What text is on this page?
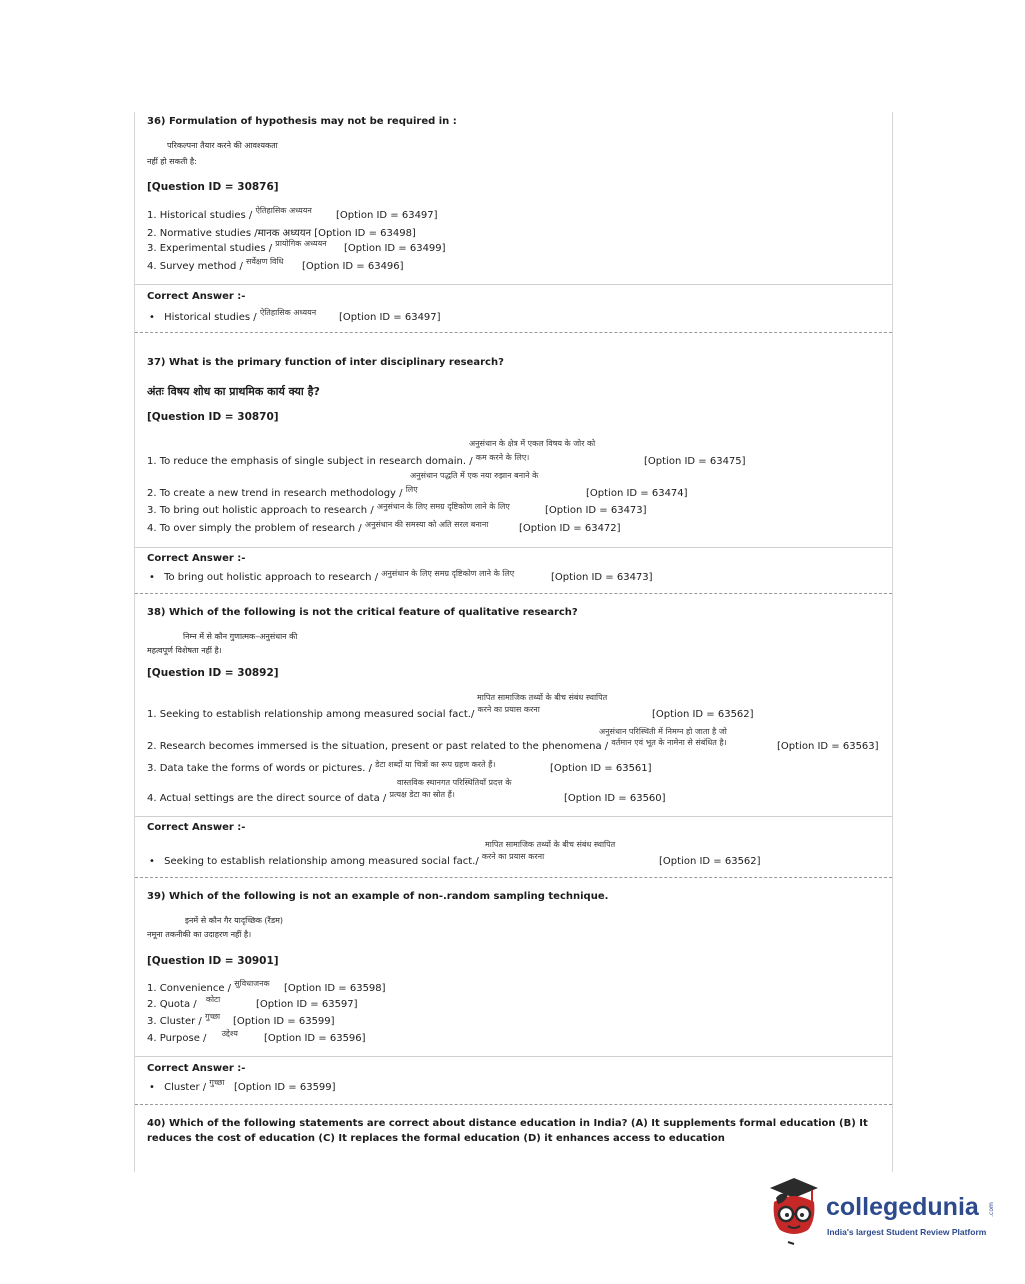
36) Formulation of hypothesis may not be required in :
परिकल्पना तैयार करने की आवश्यकता
नहीं हो सकती है:
[Question ID = 30876]
1. Historical studies / $^{ऐतिहासिक अध्ययन}$ [Option ID = 63497]
2. Normative studies /मानक अध्ययन [Option ID = 63498]
3. Experimental studies / $^{प्रायोगिक अध्ययन}$ [Option ID = 63499]
4. Survey method / $^{सर्वेक्षण विधि}$ [Option ID = 63496]
Correct Answer :-
• Historical studies / $^{ऐतिहासिक अध्ययन}$ [Option ID = 63497]
37) What is the primary function of inter disciplinary research?
अंतः विषय शोध का प्राथमिक कार्य क्या है?
[Question ID = 30870]
अनुसंधान के क्षेत्र में एकल विषय के जोर को
1. To reduce the emphasis of single subject in research domain. / $^{कम करने के लिए।}$	[Option ID = 63475]
अनुसंधान पद्धति में एक नया रुझान बनाने के
2. To create a new trend in research methodology / $^{लिए}$	[Option ID = 63474]
3. To bring out holistic approach to research / $^{अनुसंधान के लिए समग्र दृष्टिकोण लाने के लिए}$	[Option ID = 63473]
4. To over simply the problem of research / $^{अनुसंधान की समस्या को अति सरल बनाना}$	[Option ID = 63472]
Correct Answer :-
• To bring out holistic approach to research / $^{अनुसंधान के लिए समग्र दृष्टिकोण लाने के लिए}$	[Option ID = 63473]
38) Which of the following is not the critical feature of qualitative research?
निम्न में से कौन गुणात्मक–अनुसंधान की
महत्वपूर्ण विशेषता नहीं है।
[Question ID = 30892]
मापित सामाजिक तथ्यों के बीच संबंध स्थापित
1. Seeking to establish relationship among measured social fact./ $^{करने का प्रयास करना}$	[Option ID = 63562]
अनुसंधान परिस्थिती में निमग्न हो जाता है जो
2. Research becomes immersed is the situation, present or past related to the phenomena / $^{वर्तमान एवं भूत के नामेना से संबंधित है।}$	[Option ID = 63563]
3. Data take the forms of words or pictures. / $^{डेटा शब्दों या चित्रों का रूप ग्रहण करते हैं।}$	[Option ID = 63561]
वास्तविक स्थानगत परिस्थितियाँ प्रदत्त के
4. Actual settings are the direct source of data / $^{प्रत्यक्ष डेटा का स्रोत हैं।}$	[Option ID = 63560]
Correct Answer :-
मापित सामाजिक तथ्यों के बीच संबंध स्थापित
• Seeking to establish relationship among measured social fact./ $^{करने का प्रयास करना}$	[Option ID = 63562]
39) Which of the following is not an example of non-.random sampling technique.
इनमें से कौन गैर यादृच्छिक (रैंडम)
नमूना तकनीकी का उदाहरण नहीं है।
[Question ID = 30901]
1. Convenience / $^{सुविधाजनक}$ [Option ID = 63598]
2. Quota / $^{कोटा}$	[Option ID = 63597]
3. Cluster / $^{गुच्छा}$ [Option ID = 63599]
4. Purpose / $^{उद्देश्य}$	[Option ID = 63596]
Correct Answer :-
• Cluster / $^{गुच्छा}$ [Option ID = 63599]
40) Which of the following statements are correct about distance education in India? (A) It supplements formal education (B) It reduces the cost of education (C) It replaces the formal education (D) it enhances access to education
collegedunia .com
India's largest Student Review Platform
